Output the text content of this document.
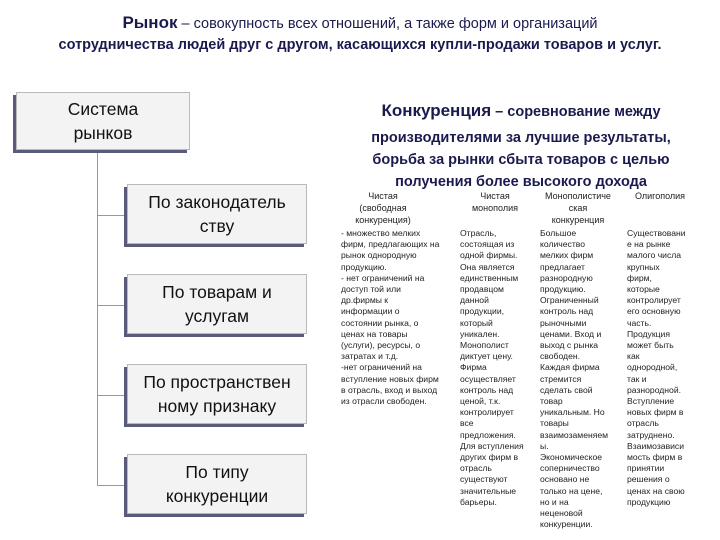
Рынок – совокупность всех отношений, а также форм и организаций
сотрудничества людей друг с другом, касающихся купли-продажи товаров и услуг.
Система
рынков
По законодатель
ству
По товарам и
услугам
По пространствен
ному признаку
По типу
конкуренции
Конкуренция – соревнование между
производителями за лучшие результаты,
борьба за рынки сбыта товаров с целью
получения более высокого дохода
Чистая
(свободная
конкуренция)
Чистая
монополия
Монополистиче
ская
конкуренция
Олигополия
- множество мелких
фирм, предлагающих на
рынок однородную
продукцию.
- нет ограничений на
доступ той или
др.фирмы к
информации о
состоянии рынка, о
ценах на товары
(услуги), ресурсы, о
затратах и т.д.
-нет ограничений на
вступление новых фирм
в отрасль, вход и выход
из отрасли свободен.
Отрасль,
состоящая из
одной фирмы.
Она является
единственным
продавцом
данной
продукции,
который
уникален.
Монополист
диктует цену.
Фирма
осуществляет
контроль над
ценой, т.к.
контролирует
все
предложения.
Для вступления
других фирм в
отрасль
существуют
значительные
барьеры.
Большое
количество
мелких фирм
предлагает
разнородную
продукцию.
Ограниченный
контроль над
рыночными
ценами. Вход и
выход с рынка
свободен.
Каждая фирма
стремится
сделать свой
товар
уникальным. Но
товары
взаимозаменяем
ы.
Экономическое
соперничество
основано не
только на цене,
но и на
неценовой
конкуренции.
Существовани
е на рынке
малого числа
крупных
фирм,
которые
контролирует
его основную
часть.
Продукция
может быть
как
однородной,
так и
разнородной.
Вступление
новых фирм в
отрасль
затруднено.
Взаимозависи
мость фирм в
принятии
решения о
ценах на свою
продукцию
